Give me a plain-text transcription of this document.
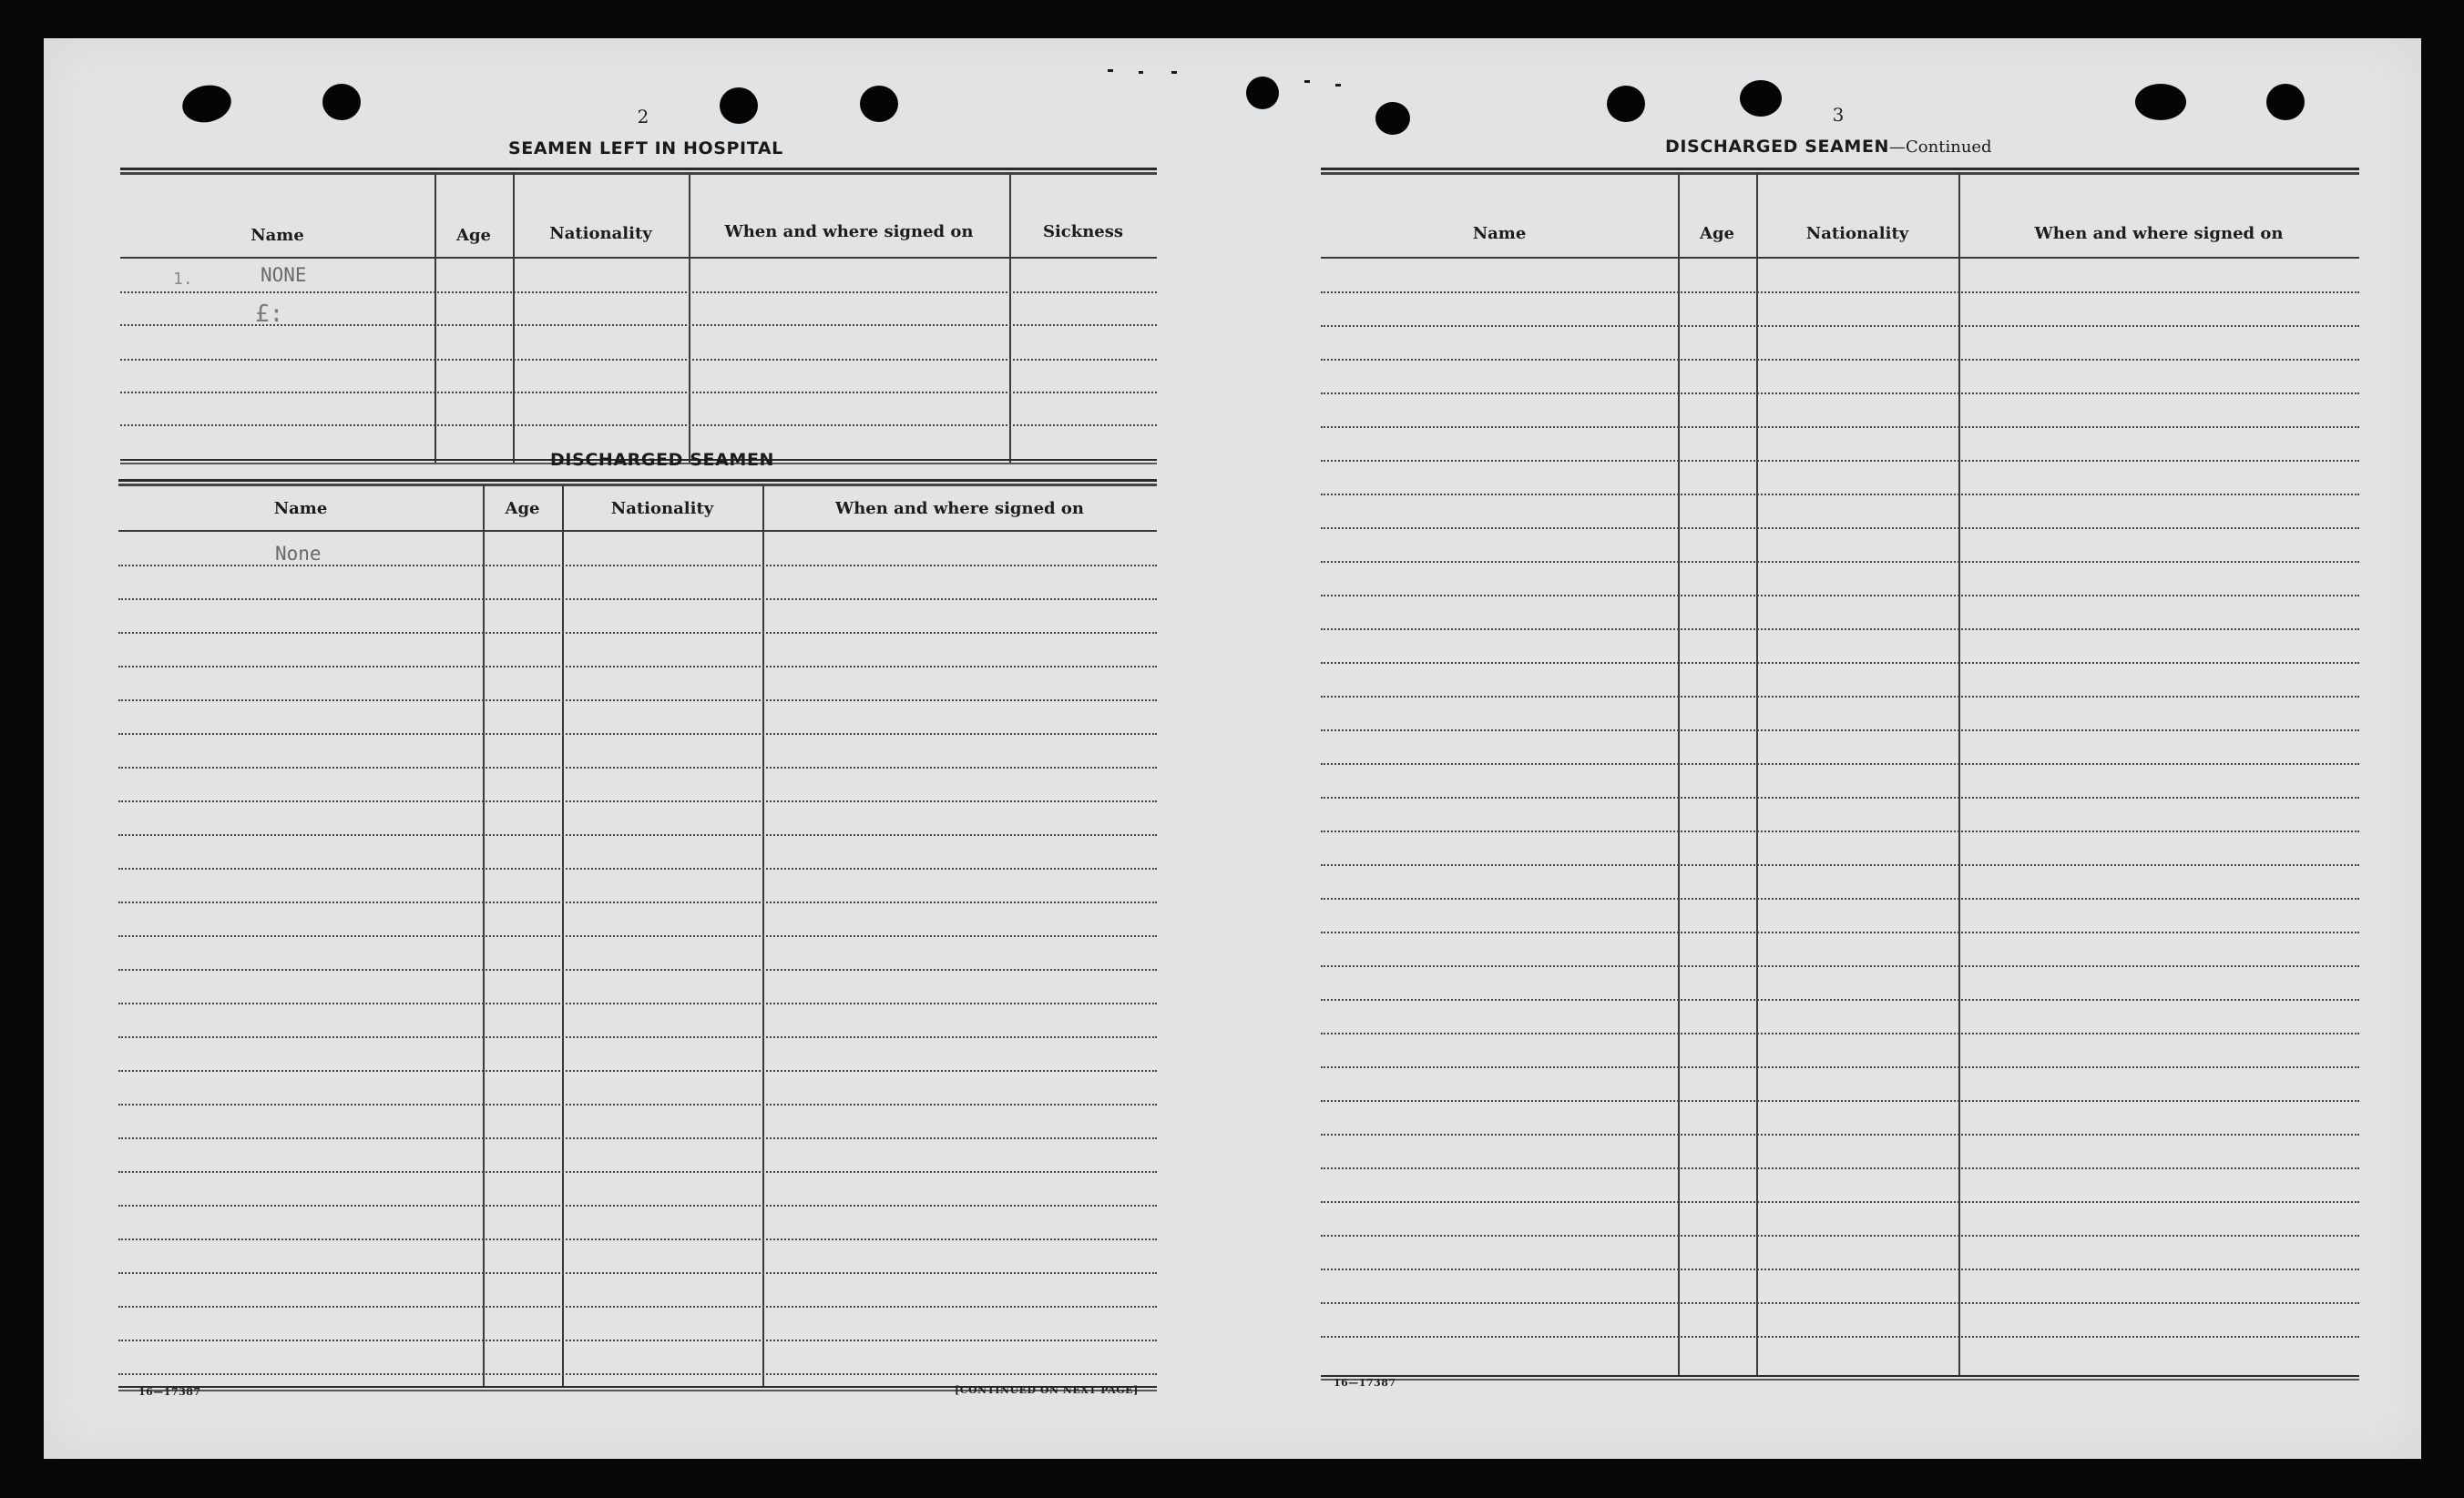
2
SEAMEN LEFT IN HOSPITAL
Name	Age	Nationality	When and where signed on	Sickness
1.	NONE
£:
DISCHARGED SEAMEN
Name	Age	Nationality	When and where signed on
None
16—17387	[CONTINUED ON NEXT PAGE]
3
DISCHARGED SEAMEN—Continued
Name	Age	Nationality	When and where signed on
16—17387
